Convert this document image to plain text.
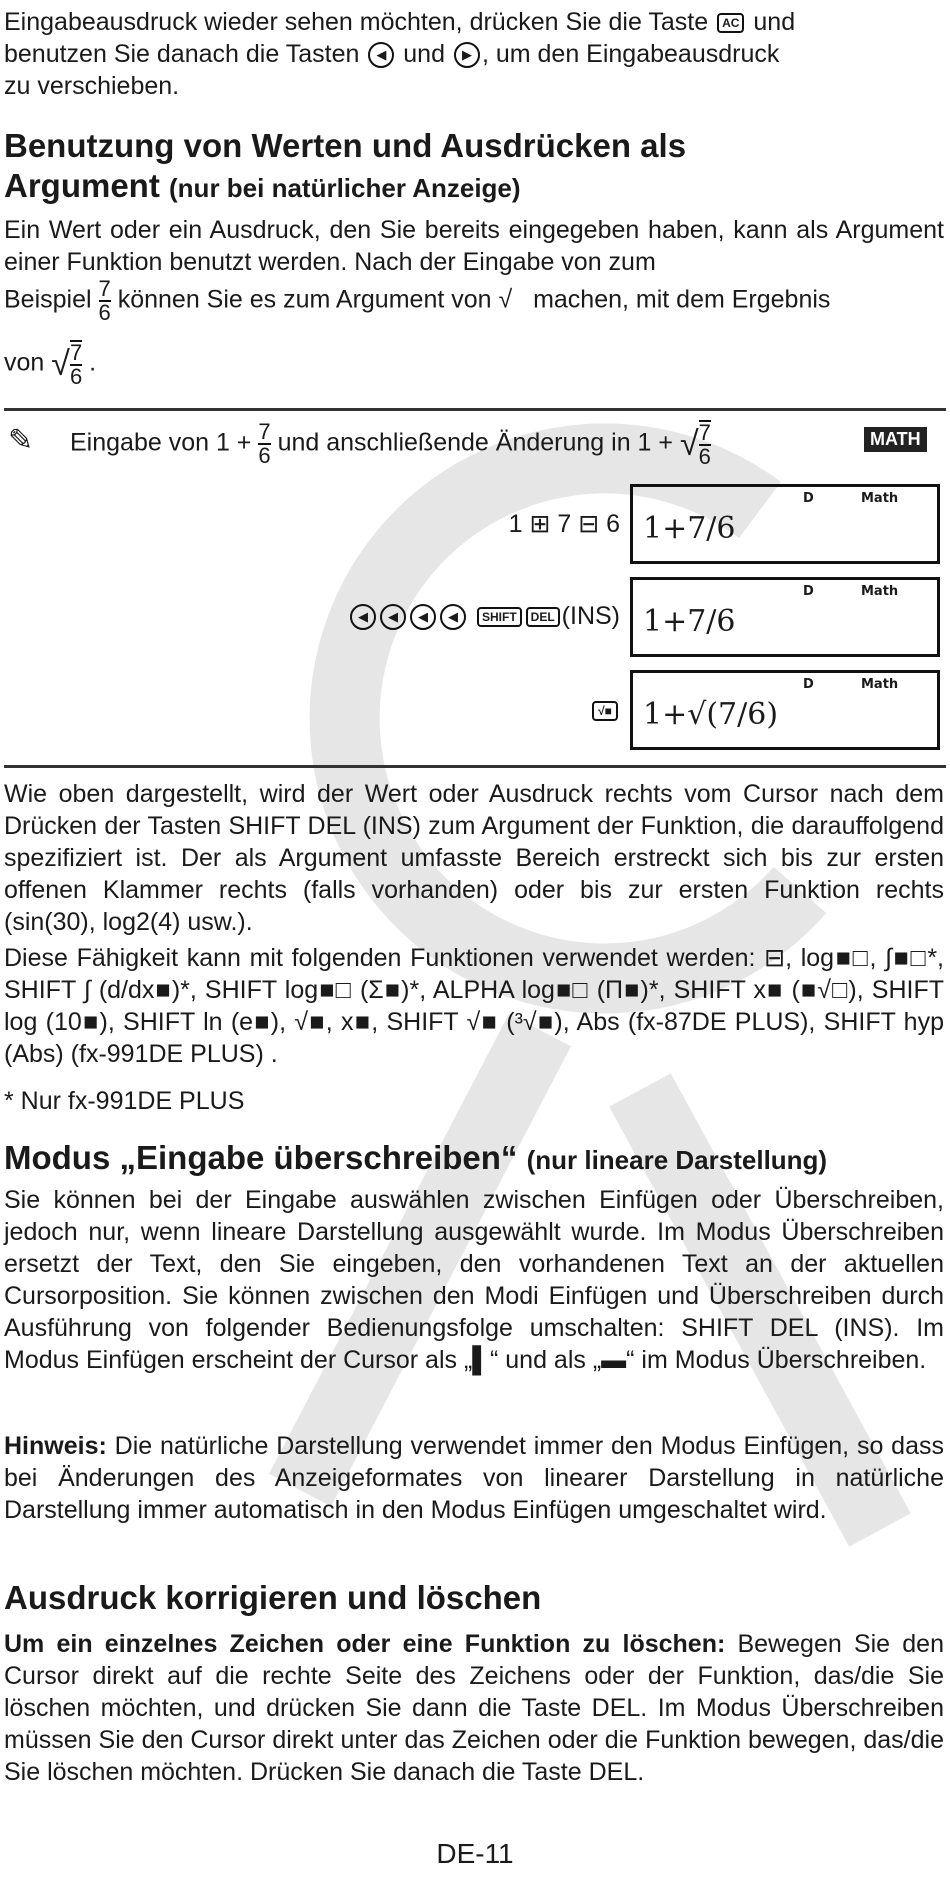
Eingabeausdruck wieder sehen möchten, drücken Sie die Taste AC und
benutzen Sie danach die Tasten ◀ und ▶ , um den Eingabeausdruck
zu verschieben.

Benutzung von Werten und Ausdrücken als
Argument (nur bei natürlicher Anzeige)

Ein Wert oder ein Ausdruck, den Sie bereits eingegeben haben, kann als Argument einer Funktion benutzt werden. Nach der Eingabe von zum
Beispiel $\frac{7}{6}$ können Sie es zum Argument von √ machen, mit dem Ergebnis

von √ $\frac{7}{6}$ .

✎ Eingabe von $1 + \frac{7}{6}$ und anschließende Änderung in 1 + √ $\frac{7}{6}$	MATH
1 ⊞ 7 ⊟ 6
D	Math
1+7/6
◀ ◀ ◀ ◀ SHIFT DEL (INS)
D	Math
1+7/6
√■
D	Math
1+√(7/6)

Wie oben dargestellt, wird der Wert oder Ausdruck rechts vom Cursor nach dem Drücken der Tasten SHIFT DEL (INS) zum Argument der Funktion, die darauffolgend spezifiziert ist. Der als Argument umfasste Bereich erstreckt sich bis zur ersten offenen Klammer rechts (falls vorhanden) oder bis zur ersten Funktion rechts (sin(30), log2(4) usw.).

Diese Fähigkeit kann mit folgenden Funktionen verwendet werden: ⊟, log■□, ∫■□*, SHIFT ∫ (d/dx■)*, SHIFT log■□ (Σ■)*, ALPHA log■□ (Π■)*, SHIFT x■ (■√□), SHIFT log (10■), SHIFT ln (e■), √■, x■, SHIFT √■ (³√■), Abs (fx-87DE PLUS), SHIFT hyp (Abs) (fx-991DE PLUS) .

* Nur fx-991DE PLUS

Modus „Eingabe überschreiben“ (nur lineare Darstellung)

Sie können bei der Eingabe auswählen zwischen Einfügen oder Überschreiben, jedoch nur, wenn lineare Darstellung ausgewählt wurde. Im Modus Überschreiben ersetzt der Text, den Sie eingeben, den vorhandenen Text an der aktuellen Cursorposition. Sie können zwischen den Modi Einfügen und Überschreiben durch Ausführung von folgender Bedienungsfolge umschalten: SHIFT DEL (INS). Im Modus Einfügen erscheint der Cursor als „▌“ und als „▬“ im Modus Überschreiben.

Hinweis: Die natürliche Darstellung verwendet immer den Modus Einfügen, so dass bei Änderungen des Anzeigeformates von linearer Darstellung in natürliche Darstellung immer automatisch in den Modus Einfügen umgeschaltet wird.

Ausdruck korrigieren und löschen

Um ein einzelnes Zeichen oder eine Funktion zu löschen: Bewegen Sie den Cursor direkt auf die rechte Seite des Zeichens oder der Funktion, das/die Sie löschen möchten, und drücken Sie dann die Taste DEL. Im Modus Überschreiben müssen Sie den Cursor direkt unter das Zeichen oder die Funktion bewegen, das/die Sie löschen möchten. Drücken Sie danach die Taste DEL.

DE-11
